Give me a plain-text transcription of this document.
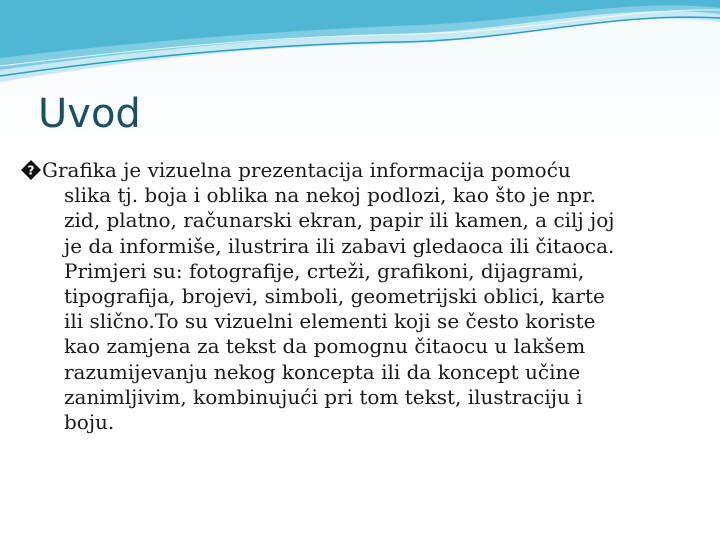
Uvod
? Grafika je vizuelna prezentacija informacija pomoću
slika tj. boja i oblika na nekoj podlozi, kao što je npr.
zid, platno, računarski ekran, papir ili kamen, a cilj joj
je da informiše, ilustrira ili zabavi gledaoca ili čitaoca.
Primjeri su: fotografije, crteži, grafikoni, dijagrami,
tipografija, brojevi, simboli, geometrijski oblici, karte
ili slično.To su vizuelni elementi koji se često koriste
kao zamjena za tekst da pomognu čitaocu u lakšem
razumijevanju nekog koncepta ili da koncept učine
zanimljivim, kombinujući pri tom tekst, ilustraciju i
boju.
